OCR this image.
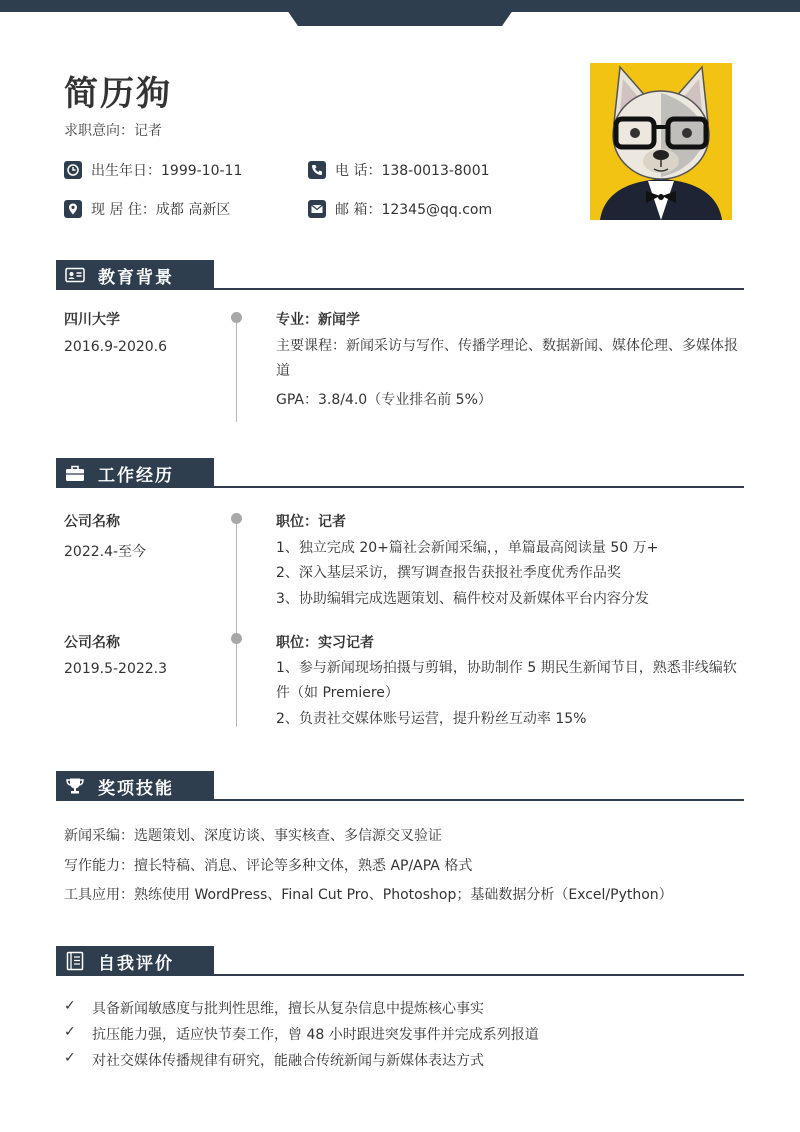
简历狗
求职意向：记者
出生年日：1999-10-11	电 话：138-0013-8001
现 居 住：成都 高新区	邮 箱：12345@qq.com
教育背景
四川大学
2016.9-2020.6
专业：新闻学
主要课程：新闻采访与写作、传播学理论、数据新闻、媒体伦理、多媒体报道
GPA：3.8/4.0（专业排名前 5%）
工作经历
公司名称
2022.4-至今
职位：记者
1、独立完成 20+篇社会新闻采编，，单篇最高阅读量 50 万+
2、深入基层采访，撰写调查报告获报社季度优秀作品奖
3、协助编辑完成选题策划、稿件校对及新媒体平台内容分发
公司名称
2019.5-2022.3
职位：实习记者
1、参与新闻现场拍摄与剪辑，协助制作 5 期民生新闻节目，熟悉非线编软件（如 Premiere）
2、负责社交媒体账号运营，提升粉丝互动率 15%
奖项技能
新闻采编：选题策划、深度访谈、事实核查、多信源交叉验证
写作能力：擅长特稿、消息、评论等多种文体，熟悉 AP/APA 格式
工具应用：熟练使用 WordPress、Final Cut Pro、Photoshop；基础数据分析（Excel/Python）
自我评价
✓	具备新闻敏感度与批判性思维，擅长从复杂信息中提炼核心事实
✓	抗压能力强，适应快节奏工作，曾 48 小时跟进突发事件并完成系列报道
✓	对社交媒体传播规律有研究，能融合传统新闻与新媒体表达方式
